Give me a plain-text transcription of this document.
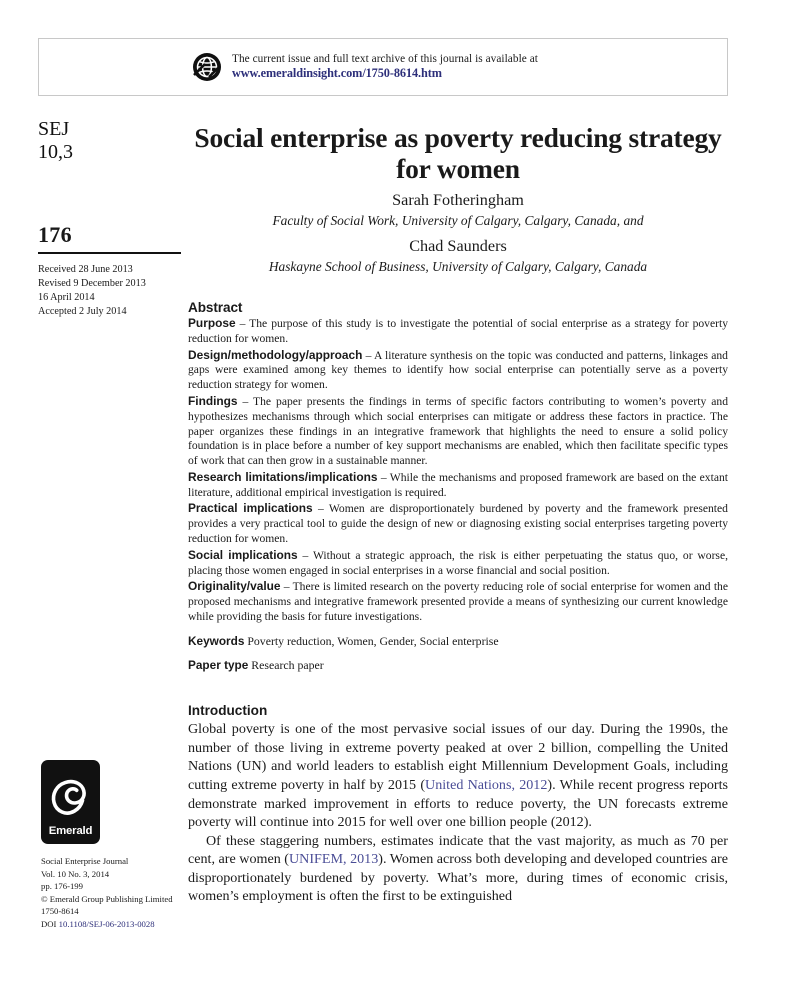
The current issue and full text archive of this journal is available at
www.emeraldinsight.com/1750-8614.htm
SEJ
10,3
176
Received 28 June 2013
Revised 9 December 2013
16 April 2014
Accepted 2 July 2014
Emerald
Social Enterprise Journal
Vol. 10 No. 3, 2014
pp. 176-199
© Emerald Group Publishing Limited
1750-8614
DOI 10.1108/SEJ-06-2013-0028
Social enterprise as poverty reducing strategy for women
Sarah Fotheringham
Faculty of Social Work, University of Calgary, Calgary, Canada, and
Chad Saunders
Haskayne School of Business, University of Calgary, Calgary, Canada
Abstract

Purpose – The purpose of this study is to investigate the potential of social enterprise as a strategy for poverty reduction for women.

Design/methodology/approach – A literature synthesis on the topic was conducted and patterns, linkages and gaps were examined among key themes to identify how social enterprise can potentially serve as a poverty reduction strategy for women.

Findings – The paper presents the findings in terms of specific factors contributing to women’s poverty and hypothesizes mechanisms through which social enterprises can mitigate or address these factors in practice. The paper organizes these findings in an integrative framework that highlights the need to ensure a solid policy foundation is in place before a number of key support mechanisms are enabled, which then facilitate specific types of work that can then grow in a sustainable manner.

Research limitations/implications – While the mechanisms and proposed framework are based on the extant literature, additional empirical investigation is required.

Practical implications – Women are disproportionately burdened by poverty and the framework presented provides a very practical tool to guide the design of new or diagnosing existing social enterprises targeting poverty reduction for women.

Social implications – Without a strategic approach, the risk is either perpetuating the status quo, or worse, placing those women engaged in social enterprises in a worse financial and social position.

Originality/value – There is limited research on the poverty reducing role of social enterprise for women and the proposed mechanisms and integrative framework presented provide a means of synthesizing our current knowledge while providing the basis for future investigations.

Keywords Poverty reduction, Women, Gender, Social enterprise

Paper type Research paper

Introduction

Global poverty is one of the most pervasive social issues of our day. During the 1990s, the number of those living in extreme poverty peaked at over 2 billion, compelling the United Nations (UN) and world leaders to establish eight Millennium Development Goals, including cutting extreme poverty in half by 2015 (United Nations, 2012). While recent progress reports demonstrate marked improvement in efforts to reduce poverty, the UN forecasts extreme poverty will continue into 2015 for well over one billion people (2012).

Of these staggering numbers, estimates indicate that the vast majority, as much as 70 per cent, are women (UNIFEM, 2013). Women across both developing and developed countries are disproportionately burdened by poverty. What’s more, during times of economic crisis, women’s employment is often the first to be extinguished
